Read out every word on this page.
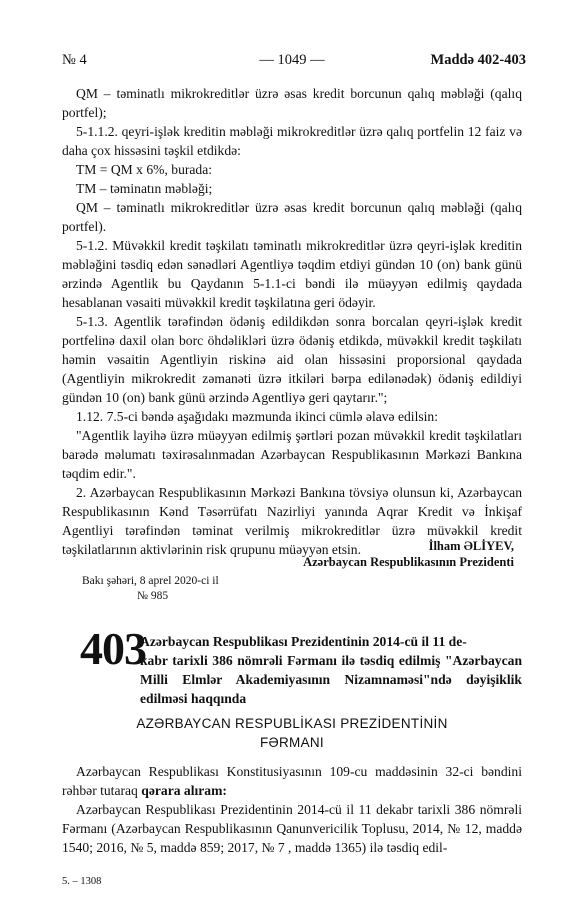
№ 4	— 1049 —	Maddə 402-403

QM – təminatlı mikrokreditlər üzrə əsas kredit borcunun qalıq məbləği (qalıq portfel);

5-1.1.2. qeyri-işlək kreditin məbləği mikrokreditlər üzrə qalıq portfelin 12 faiz və daha çox hissəsini təşkil etdikdə:

TM = QM x 6%, burada:

TM – təminatın məbləği;

QM – təminatlı mikrokreditlər üzrə əsas kredit borcunun qalıq məbləği (qalıq portfel).

5-1.2. Müvəkkil kredit təşkilatı təminatlı mikrokreditlər üzrə qeyri-işlək kreditin məbləğini təsdiq edən sənədləri Agentliyə təqdim etdiyi gündən 10 (on) bank günü ərzində Agentlik bu Qaydanın 5-1.1-ci bəndi ilə müəyyən edilmiş qaydada hesablanan vəsaiti müvəkkil kredit təşkilatına geri ödəyir.

5-1.3. Agentlik tərəfindən ödəniş edildikdən sonra borcalan qeyri-işlək kredit portfelinə daxil olan borc öhdəlikləri üzrə ödəniş etdikdə, müvəkkil kredit təşkilatı həmin vəsaitin Agentliyin riskinə aid olan hissəsini proporsional qaydada (Agentliyin mikrokredit zəmanəti üzrə itkiləri bərpa edilənədək) ödəniş edildiyi gündən 10 (on) bank günü ərzində Agentliyə geri qaytarır.";

1.12. 7.5-ci bəndə aşağıdakı məzmunda ikinci cümlə əlavə edilsin:

"Agentlik layihə üzrə müəyyən edilmiş şərtləri pozan müvəkkil kredit təşkilatları barədə məlumatı təxirəsalınmadan Azərbaycan Respublikasının Mərkəzi Bankına təqdim edir.".

2. Azərbaycan Respublikasının Mərkəzi Bankına tövsiyə olunsun ki, Azərbaycan Respublikasının Kənd Təsərrüfatı Nazirliyi yanında Aqrar Kredit və İnkişaf Agentliyi tərəfindən təminat verilmiş mikrokreditlər üzrə müvəkkil kredit təşkilatlarının aktivlərinin risk qrupunu müəyyən etsin.	İlham ƏLİYEV,
Azərbaycan Respublikasının Prezidenti
Bakı şəhəri, 8 aprel 2020-ci il
№ 985
403
Azərbaycan Respublikası Prezidentinin 2014-cü il 11 de-
kabr tarixli 386 nömrəli Fərmanı ilə təsdiq edilmiş "Azərbaycan Milli Elmlər Akademiyasının Nizamnaməsi"ndə dəyişiklik edilməsi haqqında
AZƏRBAYCAN RESPUBLİKASI PREZİDENTİNİN
FƏRMANI

Azərbaycan Respublikası Konstitusiyasının 109-cu maddəsinin 32-ci bəndini rəhbər tutaraq qərara alıram:

Azərbaycan Respublikası Prezidentinin 2014-cü il 11 dekabr tarixli 386 nömrəli Fərmanı (Azərbaycan Respublikasının Qanunvericilik Toplusu, 2014, № 12, maddə 1540; 2016, № 5, maddə 859; 2017, № 7 , maddə 1365) ilə təsdiq edil-

5. – 1308
